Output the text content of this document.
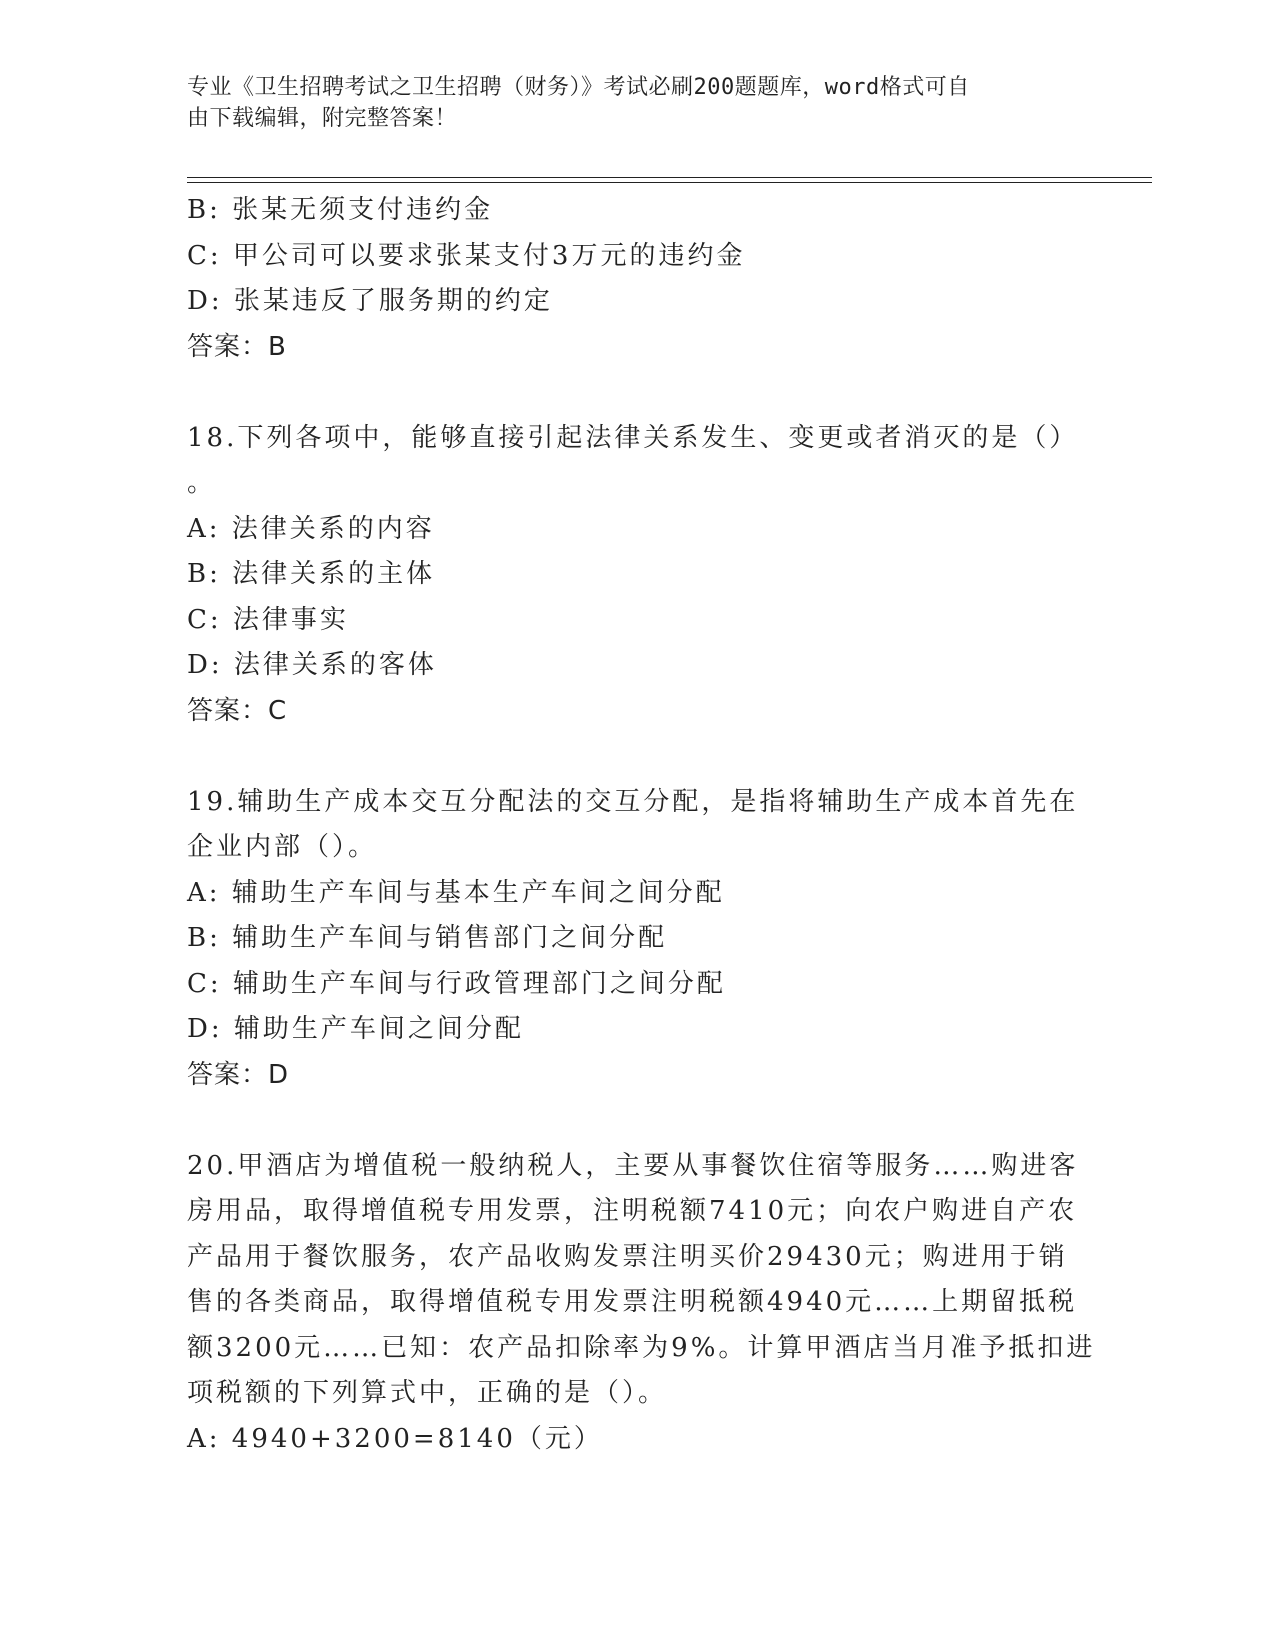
专业《卫生招聘考试之卫生招聘（财务）》考试必刷200题题库，word格式可自
由下载编辑，附完整答案！
B: 张某无须支付违约金
C: 甲公司可以要求张某支付3万元的违约金
D: 张某违反了服务期的约定
答案：B
18.下列各项中，能够直接引起法律关系发生、变更或者消灭的是（）
。
A: 法律关系的内容
B: 法律关系的主体
C: 法律事实
D: 法律关系的客体
答案：C
19.辅助生产成本交互分配法的交互分配，是指将辅助生产成本首先在
企业内部（）。
A: 辅助生产车间与基本生产车间之间分配
B: 辅助生产车间与销售部门之间分配
C: 辅助生产车间与行政管理部门之间分配
D: 辅助生产车间之间分配
答案：D
20.甲酒店为增值税一般纳税人，主要从事餐饮住宿等服务……购进客
房用品，取得增值税专用发票，注明税额7410元；向农户购进自产农
产品用于餐饮服务，农产品收购发票注明买价29430元；购进用于销
售的各类商品，取得增值税专用发票注明税额4940元……上期留抵税
额3200元……已知：农产品扣除率为9%。计算甲酒店当月准予抵扣进
项税额的下列算式中，正确的是（）。
A: 4940+3200=8140（元）
